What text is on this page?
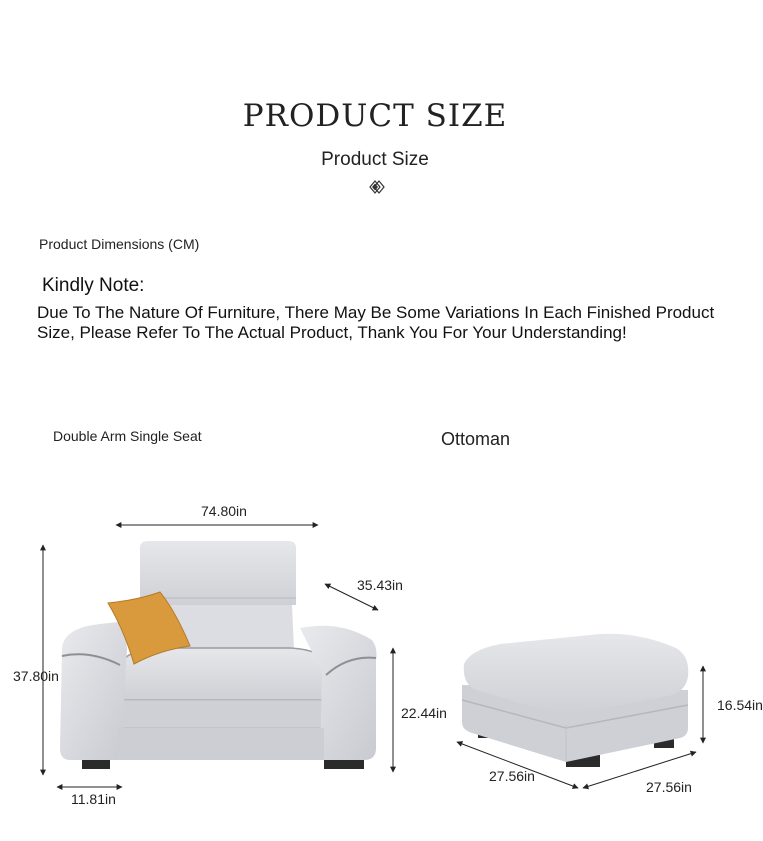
PRODUCT SIZE
Product Size
Product Dimensions (CM)
Kindly Note:
Due To The Nature Of Furniture, There May Be Some Variations In Each Finished Product Size, Please Refer To The Actual Product, Thank You For Your Understanding!
Double Arm Single Seat	Ottoman
74.80in
35.43in
37.80in
22.44in
11.81in
27.56in
27.56in
16.54in
